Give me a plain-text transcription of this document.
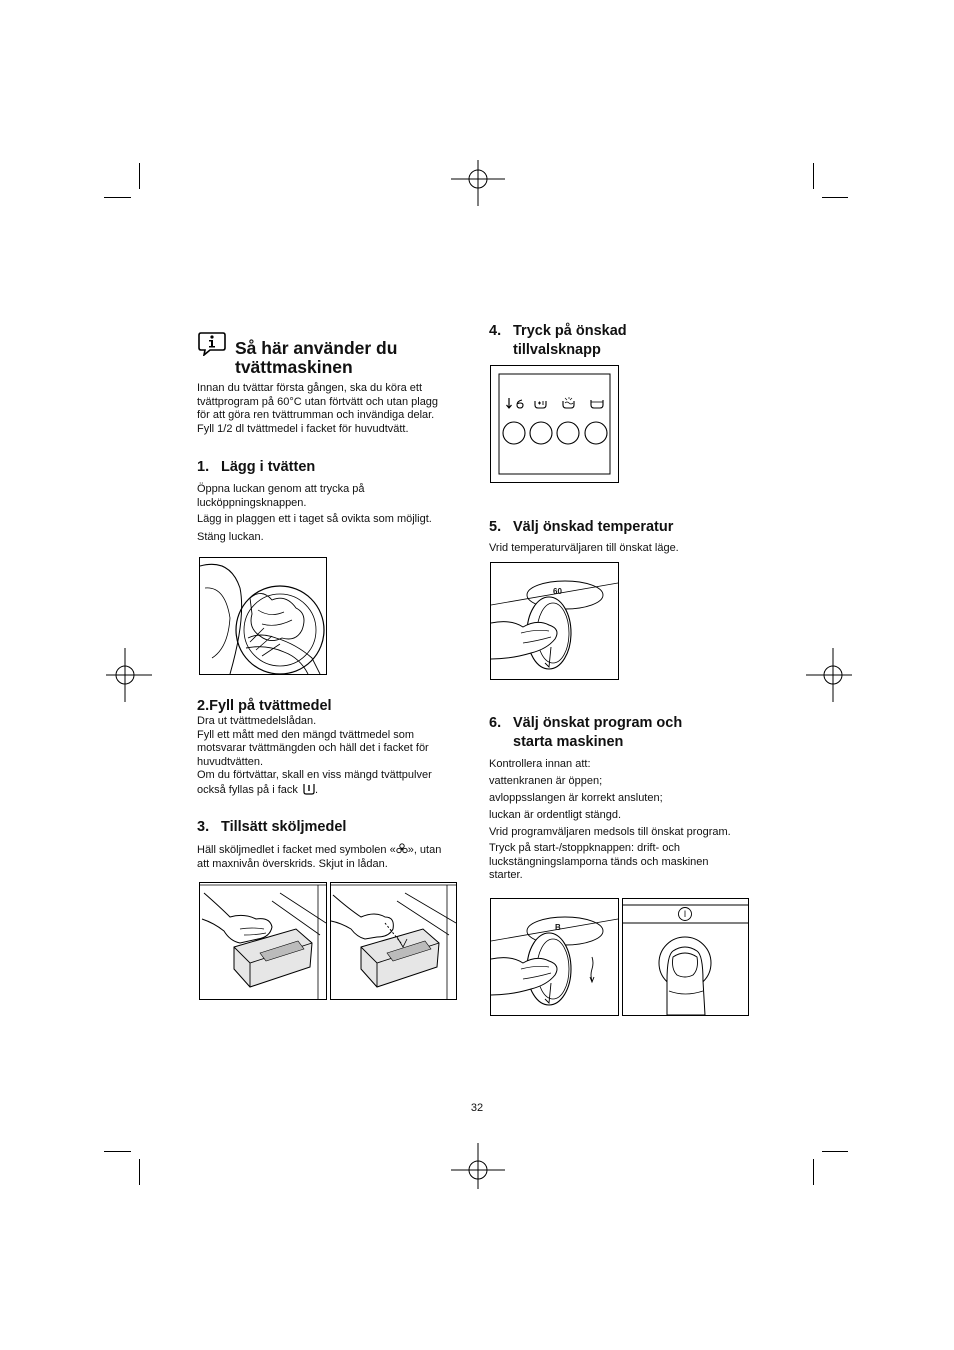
Så här använder du
tvättmaskinen
Innan du tvättar första gången, ska du köra ett
tvättprogram på 60°C utan förtvätt och utan plagg
för att göra ren tvättrumman och invändiga delar.
Fyll 1/2 dl tvättmedel i facket för huvudtvätt.
1. Lägg i tvätten
Öppna luckan genom att trycka på
lucköppningsknappen.
Lägg in plaggen ett i taget så ovikta som möjligt.
Stäng luckan.
2.Fyll på tvättmedel
Dra ut tvättmedelslådan.
Fyll ett mått med den mängd tvättmedel som
motsvarar tvättmängden och häll det i facket för
huvudtvätten.
Om du förtvättar, skall en viss mängd tvättpulver
också fyllas på i fack .
3. Tillsätt sköljmedel
Häll sköljmedlet i facket med symbolen « », utan
att maxnivån överskrids. Skjut in lådan.
4. Tryck på önskad
tillvalsknapp
5. Välj önskad temperatur
Vrid temperaturväljaren till önskat läge.
60
6. Välj önskat program och
starta maskinen
Kontrollera innan att:
vattenkranen är öppen;
avloppsslangen är korrekt ansluten;
luckan är ordentligt stängd.
Vrid programväljaren medsols till önskat program.
Tryck på start-/stoppknappen: drift- och
luckstängningslamporna tänds och maskinen
starter.
B
I
32
